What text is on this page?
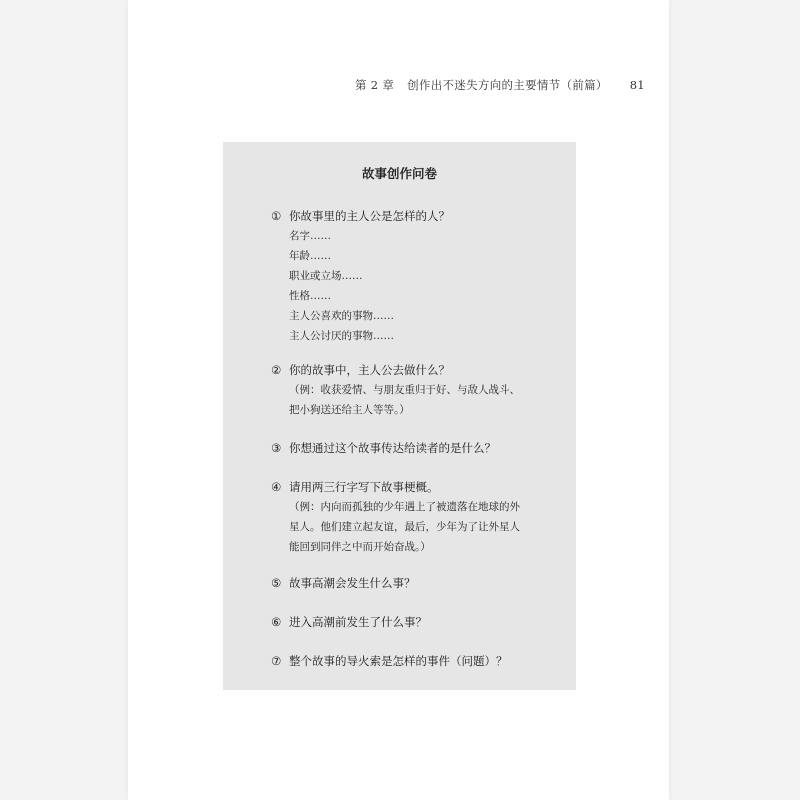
第 2 章 创作出不迷失方向的主要情节（前篇） 81
故事创作问卷
① 你故事里的主人公是怎样的人？
名字……
年龄……
职业或立场……
性格……
主人公喜欢的事物……
主人公讨厌的事物……
② 你的故事中，主人公去做什么？
（例：收获爱情、与朋友重归于好、与敌人战斗、
把小狗送还给主人等等。）
③ 你想通过这个故事传达给读者的是什么？
④ 请用两三行字写下故事梗概。
（例：内向而孤独的少年遇上了被遗落在地球的外
星人。他们建立起友谊，最后，少年为了让外星人
能回到同伴之中而开始奋战。）
⑤ 故事高潮会发生什么事？
⑥ 进入高潮前发生了什么事？
⑦ 整个故事的导火索是怎样的事件（问题）？
